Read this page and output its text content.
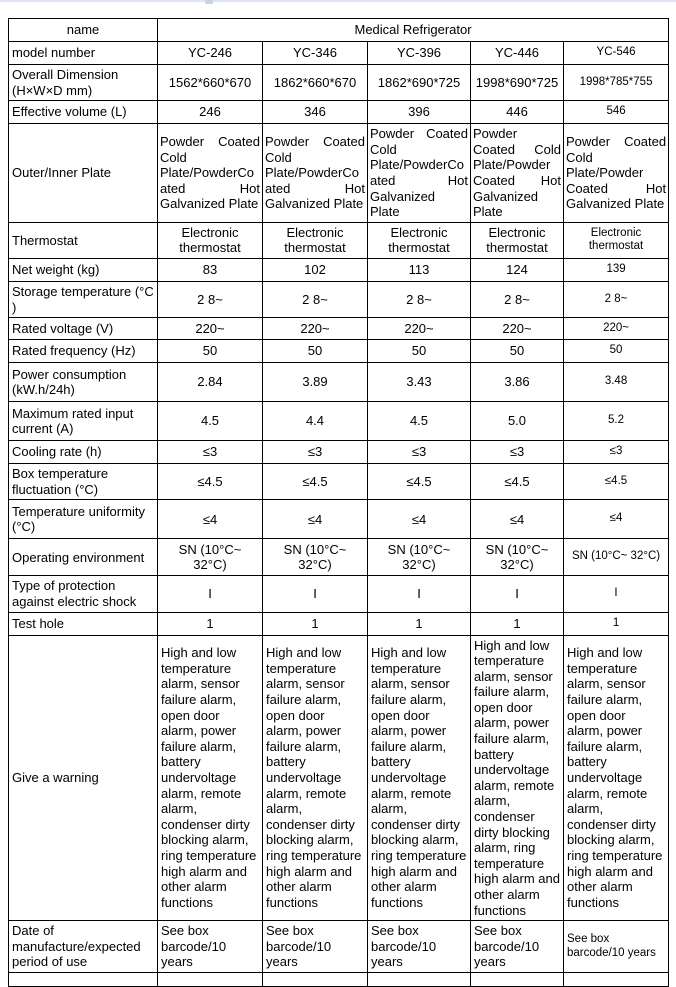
name	Medical Refrigerator				
model number	YC-246	YC-346	YC-396	YC-446	YC-546
Overall Dimension (H×W×D mm)	1562*660*670	1862*660*670	1862*690*725	1998*690*725	1998*785*755
Effective volume (L)	246	346	396	446	546
Outer/Inner Plate	Powder Coated Cold Plate/PowderCoated Hot Galvanized Plate	Powder Coated Cold Plate/PowderCoated Hot Galvanized Plate	Powder Coated Cold Plate/PowderCoated Hot Galvanized Plate	Powder Coated Cold Plate/Powder Coated Hot Galvanized Plate	Powder Coated Cold Plate/Powder Coated Hot Galvanized Plate
Thermostat	Electronic thermostat	Electronic thermostat	Electronic thermostat	Electronic thermostat	Electronic thermostat
Net weight (kg)	83	102	113	124	139
Storage temperature (°C )	2 8~	2 8~	2 8~	2 8~	2 8~
Rated voltage (V)	220~	220~	220~	220~	220~
Rated frequency (Hz)	50	50	50	50	50
Power consumption (kW.h/24h)	2.84	3.89	3.43	3.86	3.48
Maximum rated input current (A)	4.5	4.4	4.5	5.0	5.2
Cooling rate (h)	≤3	≤3	≤3	≤3	≤3
Box temperature fluctuation (°C)	≤4.5	≤4.5	≤4.5	≤4.5	≤4.5
Temperature uniformity (°C)	≤4	≤4	≤4	≤4	≤4
Operating environment	SN (10°C~ 32°C)	SN (10°C~ 32°C)	SN (10°C~ 32°C)	SN (10°C~ 32°C)	SN (10°C~ 32°C)
Type of protection against electric shock	I	I	I	I	I
Test hole	1	1	1	1	1
Give a warning	High and low temperature alarm, sensor failure alarm, open door alarm, power failure alarm, battery undervoltage alarm, remote alarm, condenser dirty blocking alarm, ring temperature high alarm and other alarm functions	High and low temperature alarm, sensor failure alarm, open door alarm, power failure alarm, battery undervoltage alarm, remote alarm, condenser dirty blocking alarm, ring temperature high alarm and other alarm functions	High and low temperature alarm, sensor failure alarm, open door alarm, power failure alarm, battery undervoltage alarm, remote alarm, condenser dirty blocking alarm, ring temperature high alarm and other alarm functions	High and low temperature alarm, sensor failure alarm, open door alarm, power failure alarm, battery undervoltage alarm, remote alarm, condenser dirty blocking alarm, ring temperature high alarm and other alarm functions	High and low temperature alarm, sensor failure alarm, open door alarm, power failure alarm, battery undervoltage alarm, remote alarm, condenser dirty blocking alarm, ring temperature high alarm and other alarm functions
Date of manufacture/expected period of use	See box barcode/10 years	See box barcode/10 years	See box barcode/10 years	See box barcode/10 years	See box barcode/10 years
